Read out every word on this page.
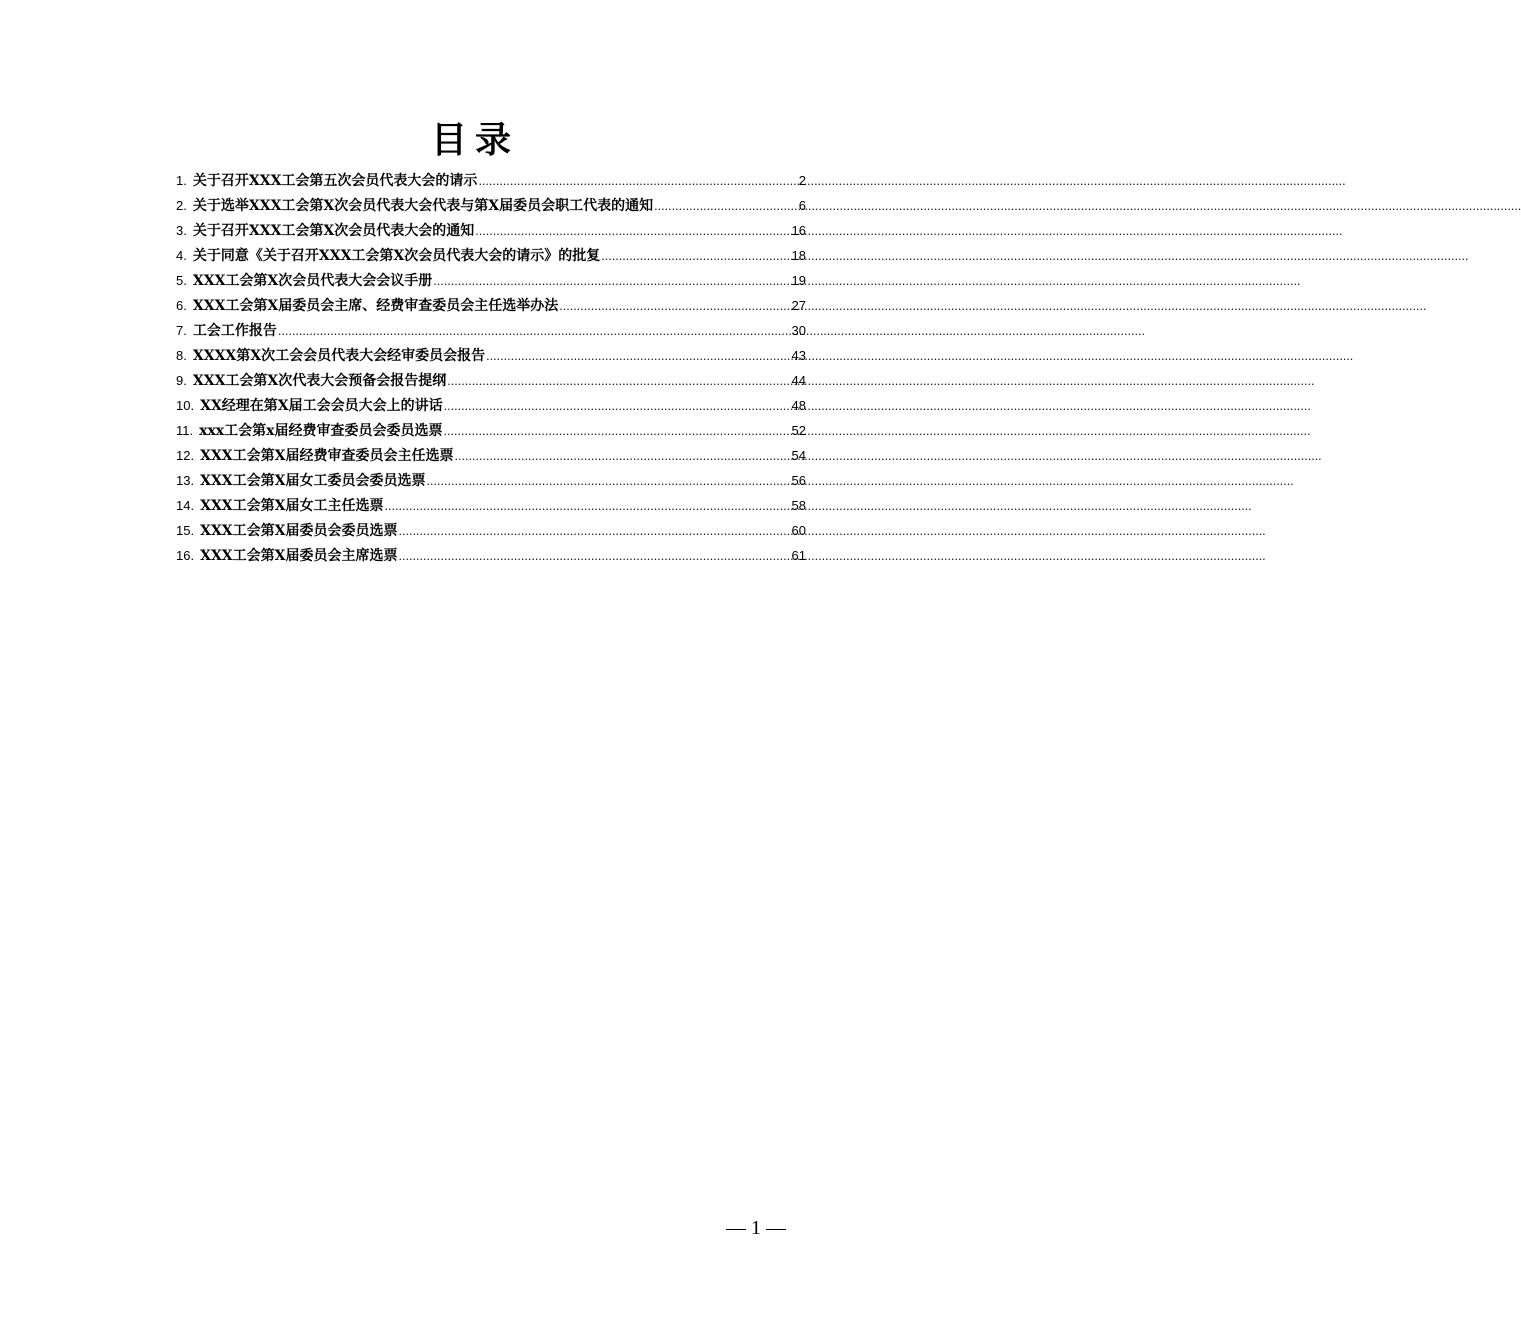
目录
1. 关于召开XXX工会第五次会员代表大会的请示 .....	2
2. 关于选举XXX工会第X次会员代表大会代表与第X届委员会职工代表的通知 .....	6
3. 关于召开XXX工会第X次会员代表大会的通知 .....	16
4. 关于同意《关于召开XXX工会第X次会员代表大会的请示》的批复 .....	18
5. XXX工会第X次会员代表大会会议手册 .....	19
6. XXX工会第X届委员会主席、经费审查委员会主任选举办法 .....	27
7. 工会工作报告 .....	30
8. XXXX第X次工会会员代表大会经审委员会报告 .....	43
9. XXX工会第X次代表大会预备会报告提纲 .....	44
10. XX经理在第X届工会会员大会上的讲话 .....	48
11. xxx工会第x届经费审查委员会委员选票 .....	52
12. XXX工会第X届经费审查委员会主任选票 .....	54
13. XXX工会第X届女工委员会委员选票 .....	56
14. XXX工会第X届女工主任选票 .....	58
15. XXX工会第X届委员会委员选票 .....	60
16. XXX工会第X届委员会主席选票 .....	61
— 1 —
